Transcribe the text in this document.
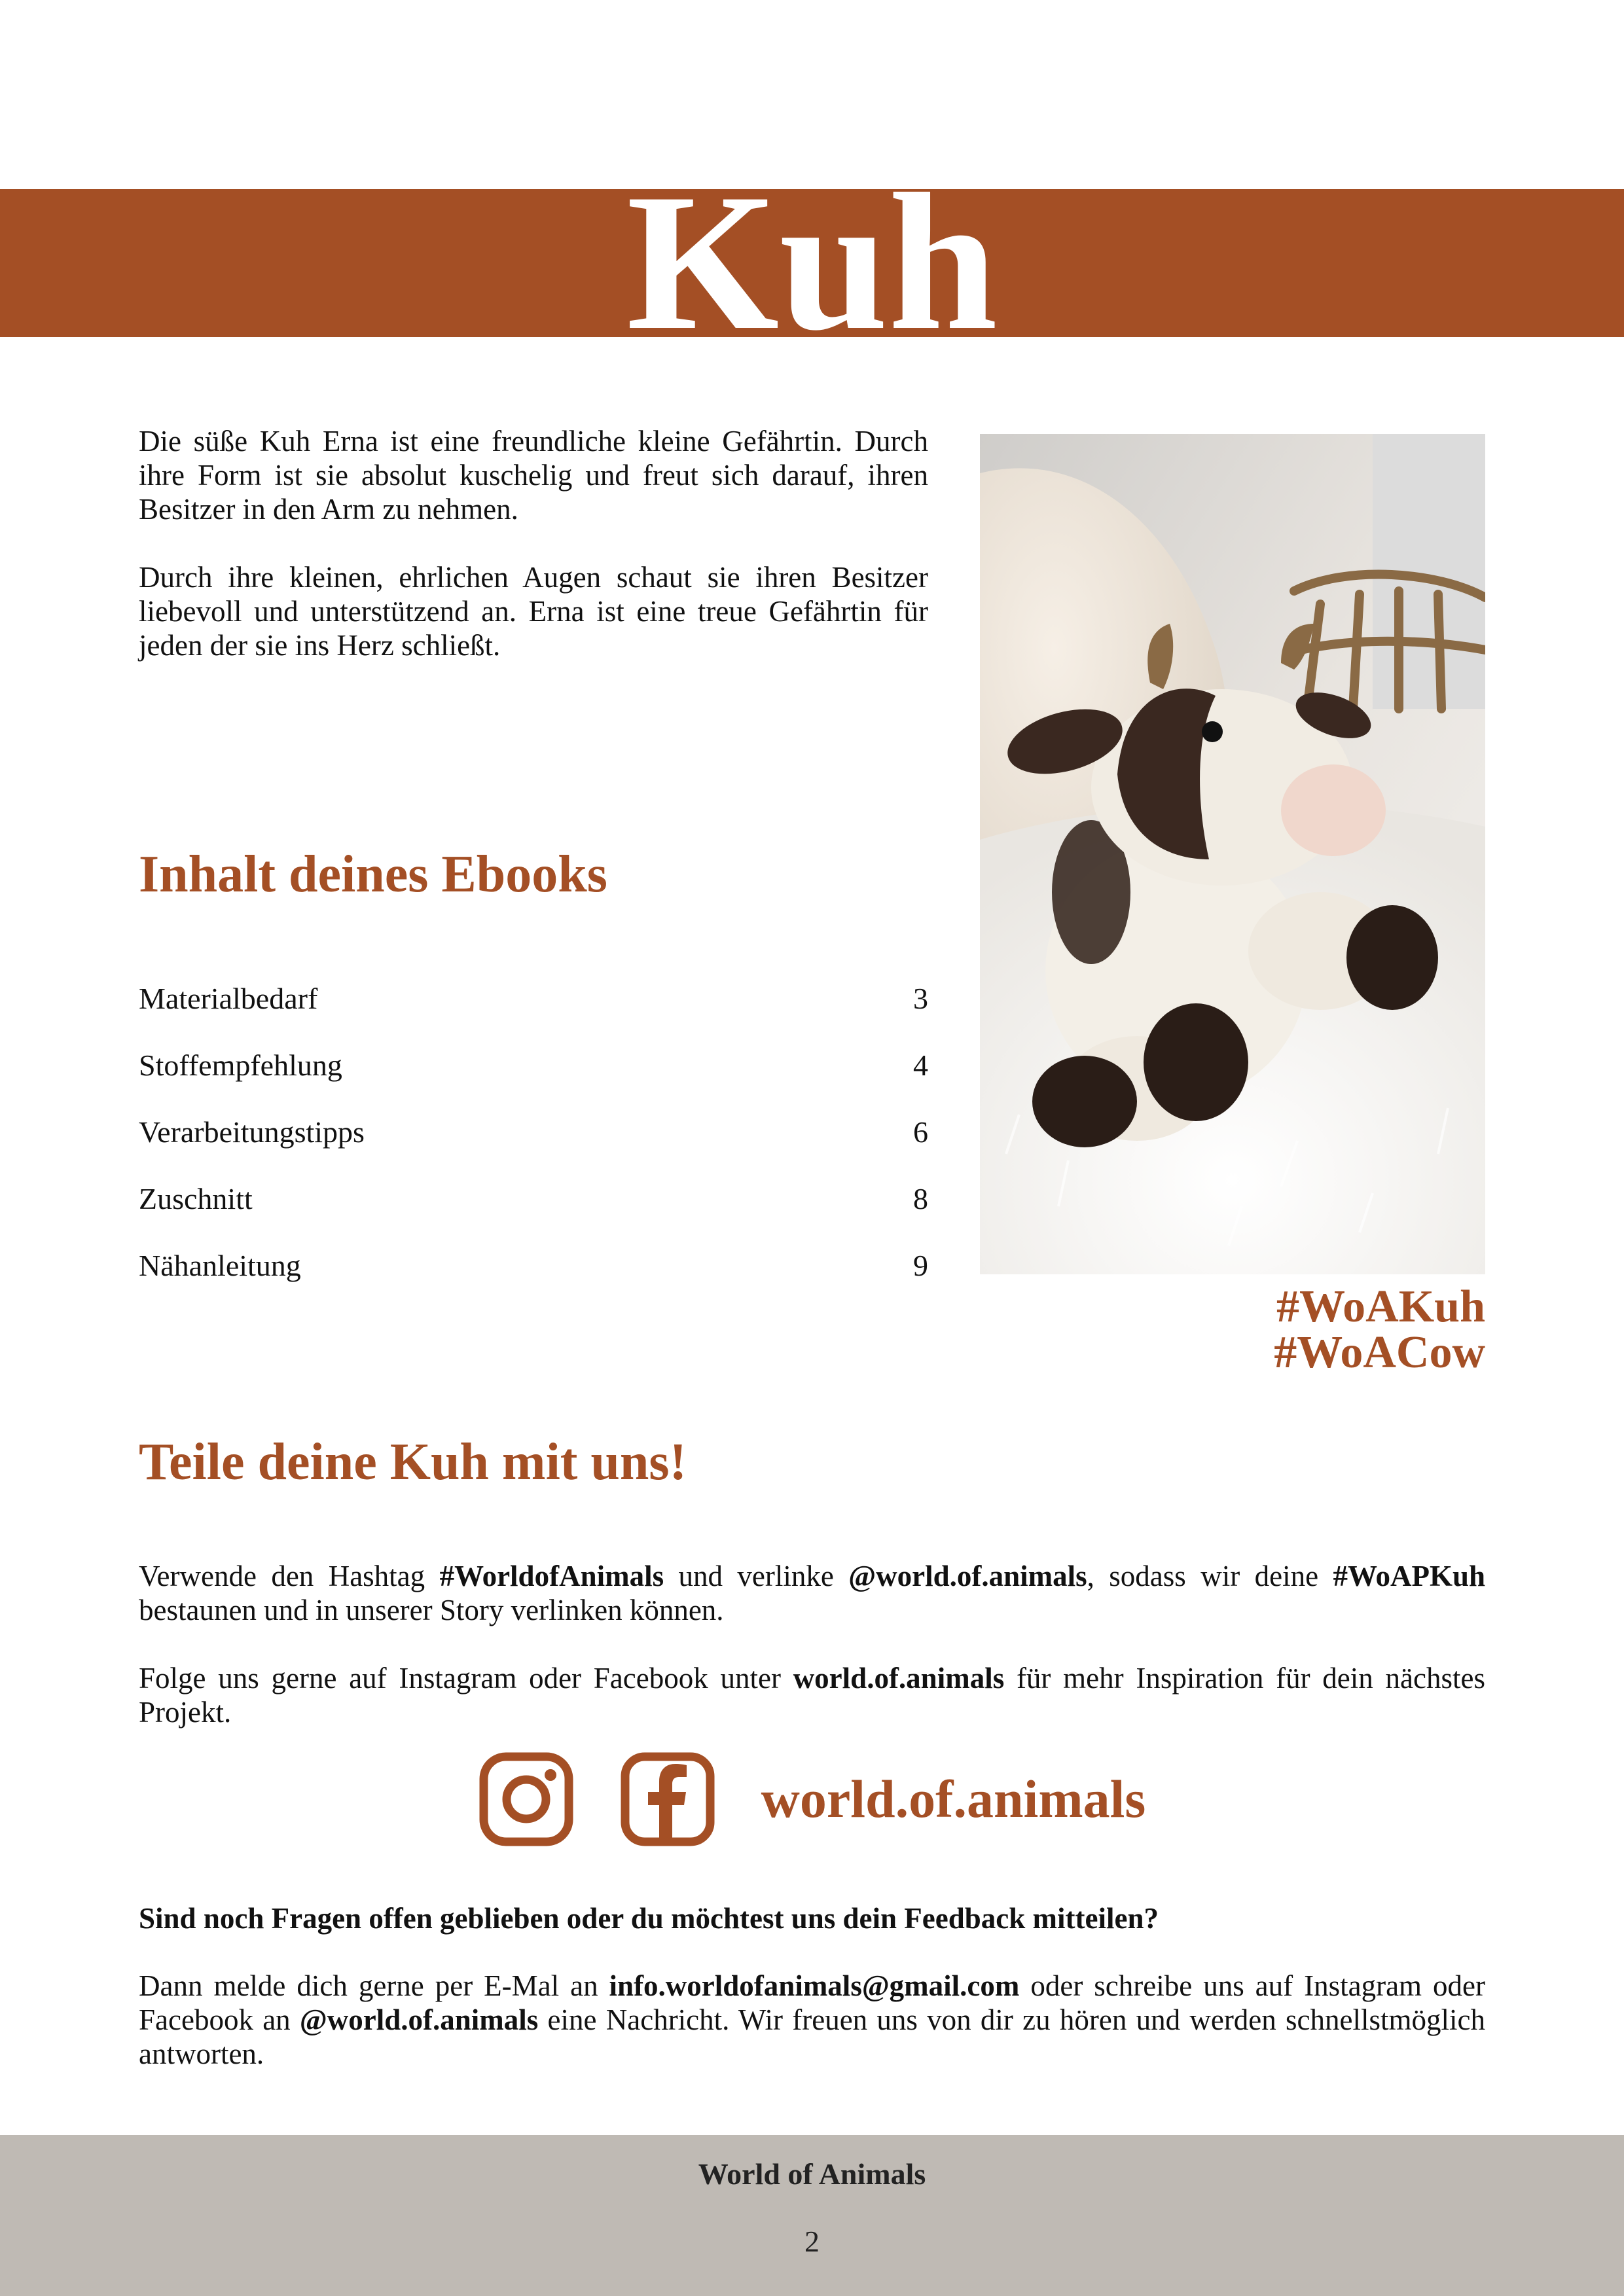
Kuh

Die süße Kuh Erna ist eine freundliche kleine Gefährtin. Durch ihre Form ist sie absolut kuschelig und freut sich darauf, ihren Besitzer in den Arm zu nehmen.

Durch ihre kleinen, ehrlichen Augen schaut sie ihren Besitzer liebevoll und unterstützend an. Erna ist eine treue Gefährtin für jeden der sie ins Herz schließt.

Inhalt deines Ebooks
Materialbedarf	3
Stoffempfehlung	4
Verarbeitungstipps	6
Zuschnitt	8
Nähanleitung	9
#WoAKuh
#WoACow
Teile deine Kuh mit uns!

Verwende den Hashtag #WorldofAnimals und verlinke @world.of.animals, sodass wir deine #WoAPKuh bestaunen und in unserer Story verlinken können.

Folge uns gerne auf Instagram oder Facebook unter world.of.animals für mehr Inspiration für dein nächstes Projekt.

world.of.animals
Sind noch Fragen offen geblieben oder du möchtest uns dein Feedback mitteilen?
Dann melde dich gerne per E-Mal an info.worldofanimals@gmail.com oder schreibe uns auf Instagram oder Facebook an @world.of.animals eine Nachricht. Wir freuen uns von dir zu hören und werden schnellstmöglich antworten.
World of Animals
2
